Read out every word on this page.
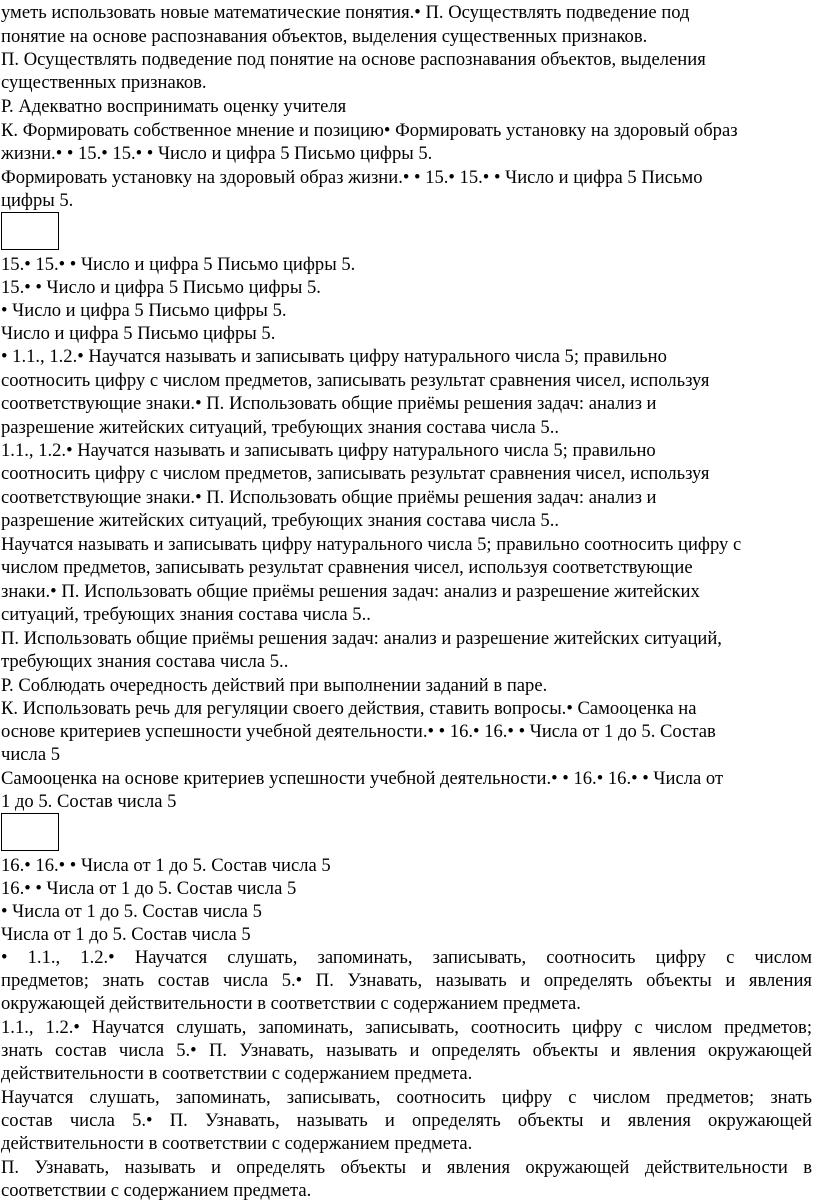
уметь использовать новые математические понятия.• П. Осуществлять подведение под
понятие на основе распознавания объектов, выделения существенных признаков.
П. Осуществлять подведение под понятие на основе распознавания объектов, выделения
существенных признаков.
Р. Адекватно воспринимать оценку учителя
К. Формировать собственное мнение и позицию• Формировать установку на здоровый образ
жизни.• • 15.• 15.• • Число и цифра 5 Письмо цифры 5.
Формировать установку на здоровый образ жизни.• • 15.• 15.• • Число и цифра 5 Письмо
цифры 5.
15.• 15.• • Число и цифра 5 Письмо цифры 5.
15.• • Число и цифра 5 Письмо цифры 5.
• Число и цифра 5 Письмо цифры 5.
Число и цифра 5 Письмо цифры 5.
• 1.1., 1.2.• Научатся называть и записывать цифру натурального числа 5; правильно
соотносить цифру с числом предметов, записывать результат сравнения чисел, используя
соответствующие знаки.• П. Использовать общие приёмы решения задач: анализ и
разрешение житейских ситуаций, требующих знания состава числа 5..
1.1., 1.2.• Научатся называть и записывать цифру натурального числа 5; правильно
соотносить цифру с числом предметов, записывать результат сравнения чисел, используя
соответствующие знаки.• П. Использовать общие приёмы решения задач: анализ и
разрешение житейских ситуаций, требующих знания состава числа 5..
Научатся называть и записывать цифру натурального числа 5; правильно соотносить цифру с
числом предметов, записывать результат сравнения чисел, используя соответствующие
знаки.• П. Использовать общие приёмы решения задач: анализ и разрешение житейских
ситуаций, требующих знания состава числа 5..
П. Использовать общие приёмы решения задач: анализ и разрешение житейских ситуаций,
требующих знания состава числа 5..
Р. Соблюдать очередность действий при выполнении заданий в паре.
К. Использовать речь для регуляции своего действия, ставить вопросы.• Самооценка на
основе критериев успешности учебной деятельности.• • 16.• 16.• • Числа от 1 до 5. Состав
числа 5
Самооценка на основе критериев успешности учебной деятельности.• • 16.• 16.• • Числа от
1 до 5. Состав числа 5
16.• 16.• • Числа от 1 до 5. Состав числа 5
16.• • Числа от 1 до 5. Состав числа 5
• Числа от 1 до 5. Состав числа 5
Числа от 1 до 5. Состав числа 5
• 1.1., 1.2.• Научатся слушать, запоминать, записывать, соотносить цифру с числом
предметов; знать состав числа 5.• П. Узнавать, называть и определять объекты и явления
окружающей действительности в соответствии с содержанием предмета.
1.1., 1.2.• Научатся слушать, запоминать, записывать, соотносить цифру с числом предметов;
знать состав числа 5.• П. Узнавать, называть и определять объекты и явления окружающей
действительности в соответствии с содержанием предмета.
Научатся слушать, запоминать, записывать, соотносить цифру с числом предметов; знать
состав числа 5.• П. Узнавать, называть и определять объекты и явления окружающей
действительности в соответствии с содержанием предмета.
П. Узнавать, называть и определять объекты и явления окружающей действительности в
соответствии с содержанием предмета.
